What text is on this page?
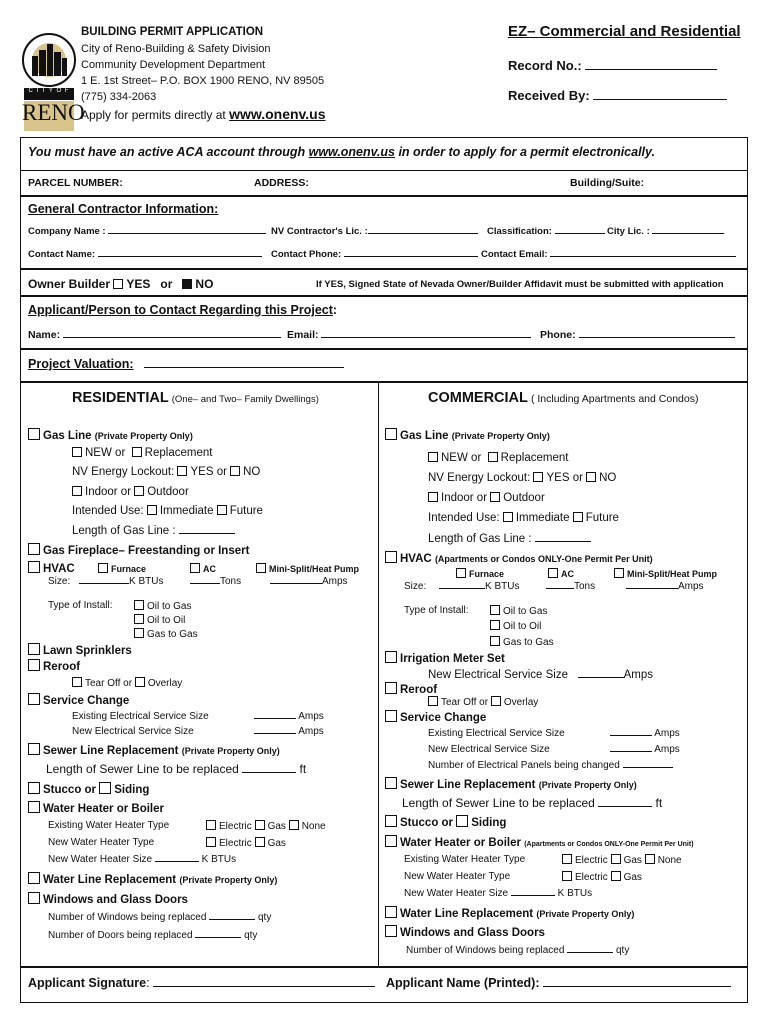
C I T Y O F
RENO
BUILDING PERMIT APPLICATION
City of Reno-Building & Safety Division
Community Development Department
1 E. 1st Street– P.O. BOX 1900 RENO, NV 89505
(775) 334-2063
Apply for permits directly at www.onenv.us
EZ– Commercial and Residential
Record No.:
Received By:
You must have an active ACA account through www.onenv.us in order to apply for a permit electronically.
PARCEL NUMBER:	ADDRESS:	Building/Suite:
General Contractor Information:
Company Name :	NV Contractor's Lic. :	Classification:	City Lic. :
Contact Name:	Contact Phone:	Contact Email:
Owner Builder YES or NO	If YES, Signed State of Nevada Owner/Builder Affidavit must be submitted with application
Applicant/Person to Contact Regarding this Project:
Name:	Email:	Phone:
Project Valuation:
RESIDENTIAL (One– and Two– Family Dwellings)
Gas Line (Private Property Only)
NEW or Replacement
NV Energy Lockout: YES or NO
Indoor or Outdoor
Intended Use: Immediate Future
Length of Gas Line :
Gas Fireplace– Freestanding or Insert
HVAC	Furnace	AC	Mini-Split/Heat Pump
Size:	K BTUs	Tons	Amps
Type of Install:	Oil to Gas
Oil to Oil
Gas to Gas
Lawn Sprinklers
Reroof
Tear Off or Overlay
Service Change
Existing Electrical Service Size	Amps
New Electrical Service Size	Amps
Sewer Line Replacement (Private Property Only)
Length of Sewer Line to be replaced	ft
Stucco or Siding
Water Heater or Boiler
Existing Water Heater Type	Electric Gas None
New Water Heater Type	Electric Gas
New Water Heater Size	K BTUs
Water Line Replacement (Private Property Only)
Windows and Glass Doors
Number of Windows being replaced	qty
Number of Doors being replaced	qty
COMMERCIAL ( Including Apartments and Condos)
Gas Line (Private Property Only)
NEW or Replacement
NV Energy Lockout: YES or NO
Indoor or Outdoor
Intended Use: Immediate Future
Length of Gas Line :
HVAC (Apartments or Condos ONLY-One Permit Per Unit)
Furnace	AC	Mini-Split/Heat Pump
Size:	K BTUs	Tons	Amps
Type of Install:	Oil to Gas
Oil to Oil
Gas to Gas
Irrigation Meter Set
New Electrical Service Size	Amps
Reroof
Tear Off or Overlay
Service Change
Existing Electrical Service Size	Amps
New Electrical Service Size	Amps
Number of Electrical Panels being changed
Sewer Line Replacement (Private Property Only)
Length of Sewer Line to be replaced	ft
Stucco or Siding
Water Heater or Boiler (Apartments or Condos ONLY-One Permit Per Unit)
Existing Water Heater Type	Electric Gas None
New Water Heater Type	Electric Gas
New Water Heater Size	K BTUs
Water Line Replacement (Private Property Only)
Windows and Glass Doors
Number of Windows being replaced	qty
Applicant Signature:	Applicant Name (Printed):
